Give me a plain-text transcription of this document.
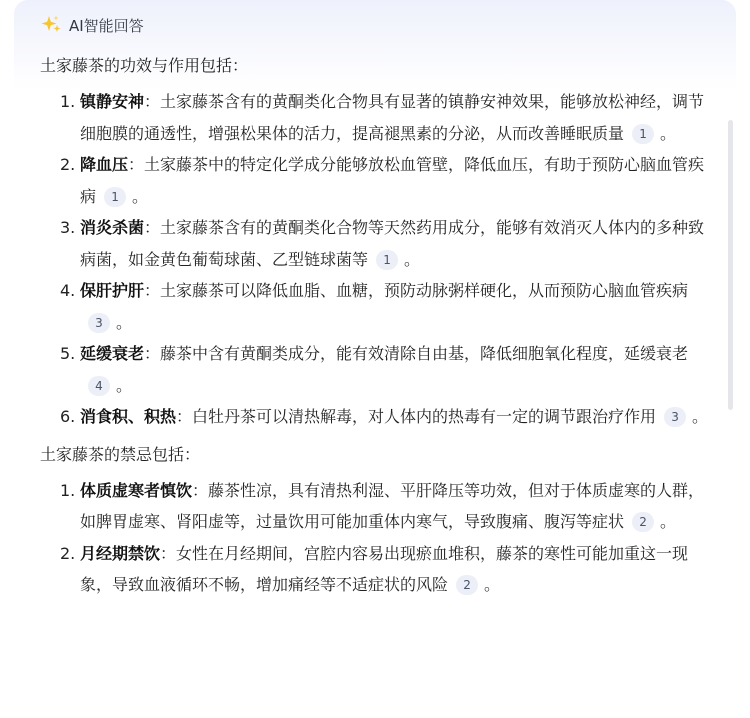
AI智能回答

土家藤茶的功效与作用包括：

1. 镇静安神：土家藤茶含有的黄酮类化合物具有显著的镇静安神效果，能够放松神经，调节细胞膜的通透性，增强松果体的活力，提高褪黑素的分泌，从而改善睡眠质量 1 。
2. 降血压：土家藤茶中的特定化学成分能够放松血管壁，降低血压，有助于预防心脑血管疾病 1 。
3. 消炎杀菌：土家藤茶含有的黄酮类化合物等天然药用成分，能够有效消灭人体内的多种致病菌，如金黄色葡萄球菌、乙型链球菌等 1 。
4. 保肝护肝：土家藤茶可以降低血脂、血糖，预防动脉粥样硬化，从而预防心脑血管疾病3 。
5. 延缓衰老：藤茶中含有黄酮类成分，能有效清除自由基，降低细胞氧化程度，延缓衰老4 。
6. 消食积、积热：白牡丹茶可以清热解毒，对人体内的热毒有一定的调节跟治疗作用 3 。

土家藤茶的禁忌包括：

1. 体质虚寒者慎饮：藤茶性凉，具有清热利湿、平肝降压等功效，但对于体质虚寒的人群，如脾胃虚寒、肾阳虚等，过量饮用可能加重体内寒气，导致腹痛、腹泻等症状 2 。
2. 月经期禁饮：女性在月经期间，宫腔内容易出现瘀血堆积，藤茶的寒性可能加重这一现象，导致血液循环不畅，增加痛经等不适症状的风险 2 。
